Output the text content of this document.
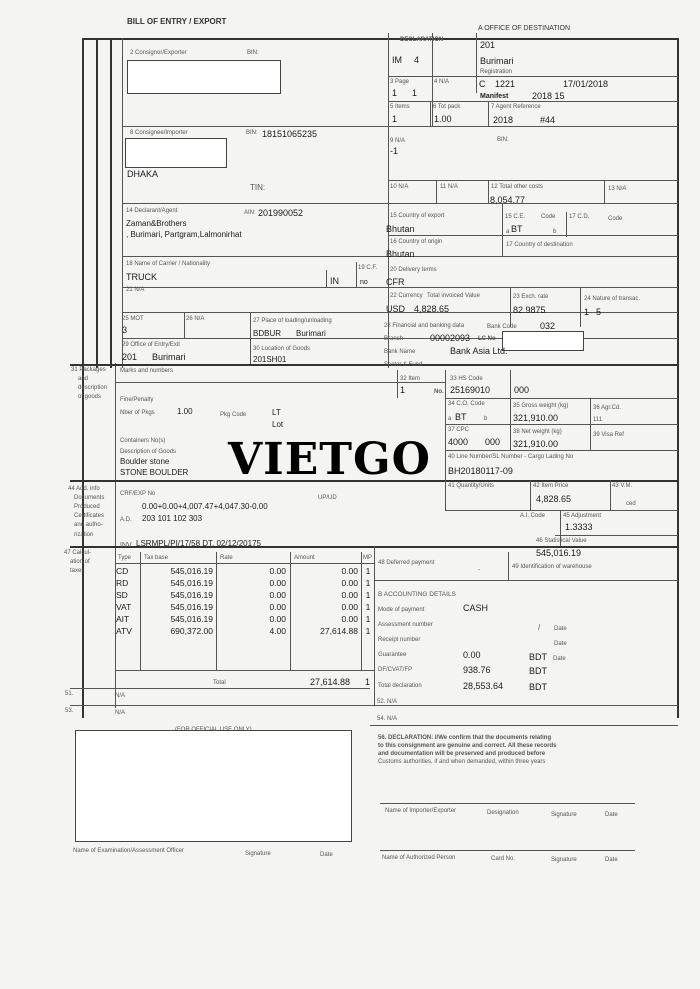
BILL OF ENTRY / EXPORT
A OFFICE OF DESTINATION
201
Burimari
Registration
DECLARATION
IM 4
3 Page
1 1
4 N/A	C 1221	17/01/2018
Manifest	2018 15
5 Items
1
6 Tot pack
1.00
7 Agent Reference
2018	#44
2 Consignor/Exporter	BIN:
8 Consignee/Importer	BIN: 18151065235
DHAKA
TIN:
9 N/A
-1
BIN:
10 N/A	11 N/A	12 Total other costs
8,054.77
13 N/A
14 Declarant/Agent	AIN: 201990052
Zaman&Brothers
, Burimari, Partgram,Lalmonirhat
15 Country of export
Bhutan
15 C.E.	Code
a BT	b
17 C.D.	Code
16 Country of origin
Bhutan
17 Country of destination
18 Name of Carrier / Nationality
TRUCK	IN
19 C.F.
no
21 N/A
20 Delivery terms
CFR
22 Currency Total invoiced Value
USD 4,828.65
23 Exch. rate
82.9875
24 Nature of transac.
1 5
25 MOT
3
26 N/A	27 Place of loading/unloading
BDBUR Burimari
28 Financial and banking data	Bank Code	032
Branch	00002093 LC No
Bank Name	Bank Asia Ltd.
Sector & Fund
29 Office of Entry/Exit
201 Burimari
30 Location of Goods
201SH01
31 Packages
and
description
of goods
Marks and numbers
Fine/Penalty
Nber of Pkgs	1.00	Pkg Code	LT
Lot
Containers No(s)
Description of Goods
Boulder stone
STONE BOULDER
32 Item
1	No.
33 HS Code
25169010	000
34 C.O. Code
a BT	b
35 Gross weight (kg)
321,910.00
36 Agr.Cd.
111
37 CPC
4000 000
38 Net weight (kg)
321,910.00
39 Visa Ref
40 Line Number/SL Number - Cargo Lading No
BH20180117-09
41 Quantity/Units	42 Item Price
4,828.65
43 V.M.
ced
A.I. Code	45 Adjustment
1.3333
46 Statistical Value
545,016.19
44 Add. info
Documents
Produced
Certificates
and autho-
rization
CRF/EXP No
UP/UD
0.00+0.00+4,007.47+4,047.30-0.00
A.D. 203 101 102 303
INV LSRMPL/PI/17/58 DT. 02/12/20175
47 Calcul-
ation of
taxes
Type Tax base	Rate	Amount	MP
CD	545,016.19	0.00	0.00 1
RD	545,016.19	0.00	0.00 1
SD	545,016.19	0.00	0.00 1
VAT	545,016.19	0.00	0.00 1
AIT	545,016.19	0.00	0.00 1
ATV	690,372.00	4.00	27,614.88 1
Total	27,614.88 1
48 Deferred payment
-	49 Identification of warehouse
B ACCOUNTING DETAILS
Mode of payment	CASH
Assessment number	/ Date
Receipt number
Date
Guarantee	0.00	BDT Date
DF/CVAT/FP	938.76	BDT
Total declaration	28,553.64	BDT
51.	N/A
52. N/A
53.	N/A
54. N/A
56. DECLARATION: I/We confirm that the documents relating
to this consignment are genuine and correct. All these records
and documentation will be preserved and produced before
Customs authorities, if and when demanded, within three years
Name of Importer/Exporter	Designation	Signature	Date
Name of Authorized Person	Card No.	Signature	Date
Name of Examination/Assessment Officer	Signature	Date
VIETGO
